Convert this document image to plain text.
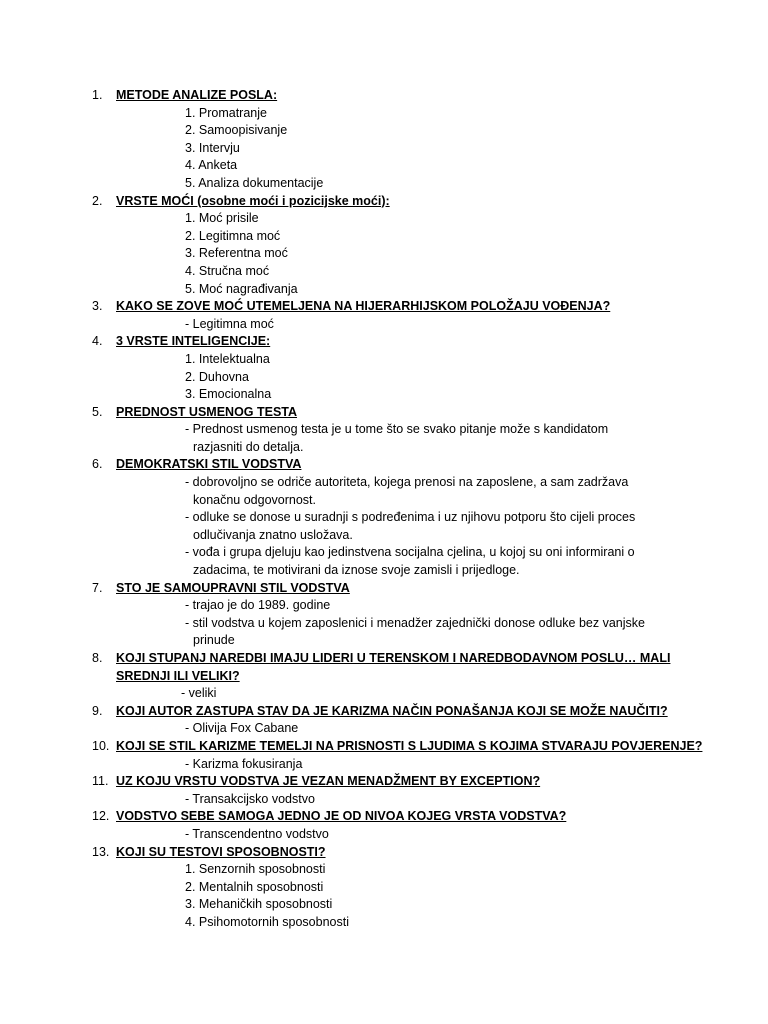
1.	METODE ANALIZE POSLA:
1. Promatranje
2. Samoopisivanje
3. Intervju
4. Anketa
5. Analiza dokumentacije
2.	VRSTE MOĆI (osobne moći i pozicijske moći):
1. Moć prisile
2. Legitimna moć
3. Referentna moć
4. Stručna moć
5. Moć nagrađivanja
3.	KAKO SE ZOVE MOĆ UTEMELJENA NA HIJERARHIJSKOM POLOŽAJU VOĐENJA?
- Legitimna moć
4.	3 VRSTE INTELIGENCIJE:
1. Intelektualna
2. Duhovna
3. Emocionalna
5.	PREDNOST USMENOG TESTA
- Prednost usmenog testa je u tome što se svako pitanje može s kandidatom
razjasniti do detalja.
6.	DEMOKRATSKI STIL VODSTVA
- dobrovoljno se odriče autoriteta, kojega prenosi na zaposlene, a sam zadržava
konačnu odgovornost.
- odluke se donose u suradnji s podređenima i uz njihovu potporu što cijeli proces
odlučivanja znatno usložava.
- vođa i grupa djeluju kao jedinstvena socijalna cjelina, u kojoj su oni informirani o
zadacima, te motivirani da iznose svoje zamisli i prijedloge.
7.	STO JE SAMOUPRAVNI STIL VODSTVA
- trajao je do 1989. godine
- stil vodstva u kojem zaposlenici i menadžer zajednički donose odluke bez vanjske
prinude
8.	KOJI STUPANJ NAREDBI IMAJU LIDERI U TERENSKOM I NAREDBODAVNOM POSLU… MALI
SREDNJI ILI VELIKI?
- veliki
9.	KOJI AUTOR ZASTUPA STAV DA JE KARIZMA NAČIN PONAŠANJA KOJI SE MOŽE NAUČITI?
- Olivija Fox Cabane
10. KOJI SE STIL KARIZME TEMELJI NA PRISNOSTI S LJUDIMA S KOJIMA STVARAJU POVJERENJE?
- Karizma fokusiranja
11. UZ KOJU VRSTU VODSTVA JE VEZAN MENADŽMENT BY EXCEPTION?
- Transakcijsko vodstvo
12. VODSTVO SEBE SAMOGA JEDNO JE OD NIVOA KOJEG VRSTA VODSTVA?
- Transcendentno vodstvo
13. KOJI SU TESTOVI SPOSOBNOSTI?
1. Senzornih sposobnosti
2. Mentalnih sposobnosti
3. Mehaničkih sposobnosti
4. Psihomotornih sposobnosti
